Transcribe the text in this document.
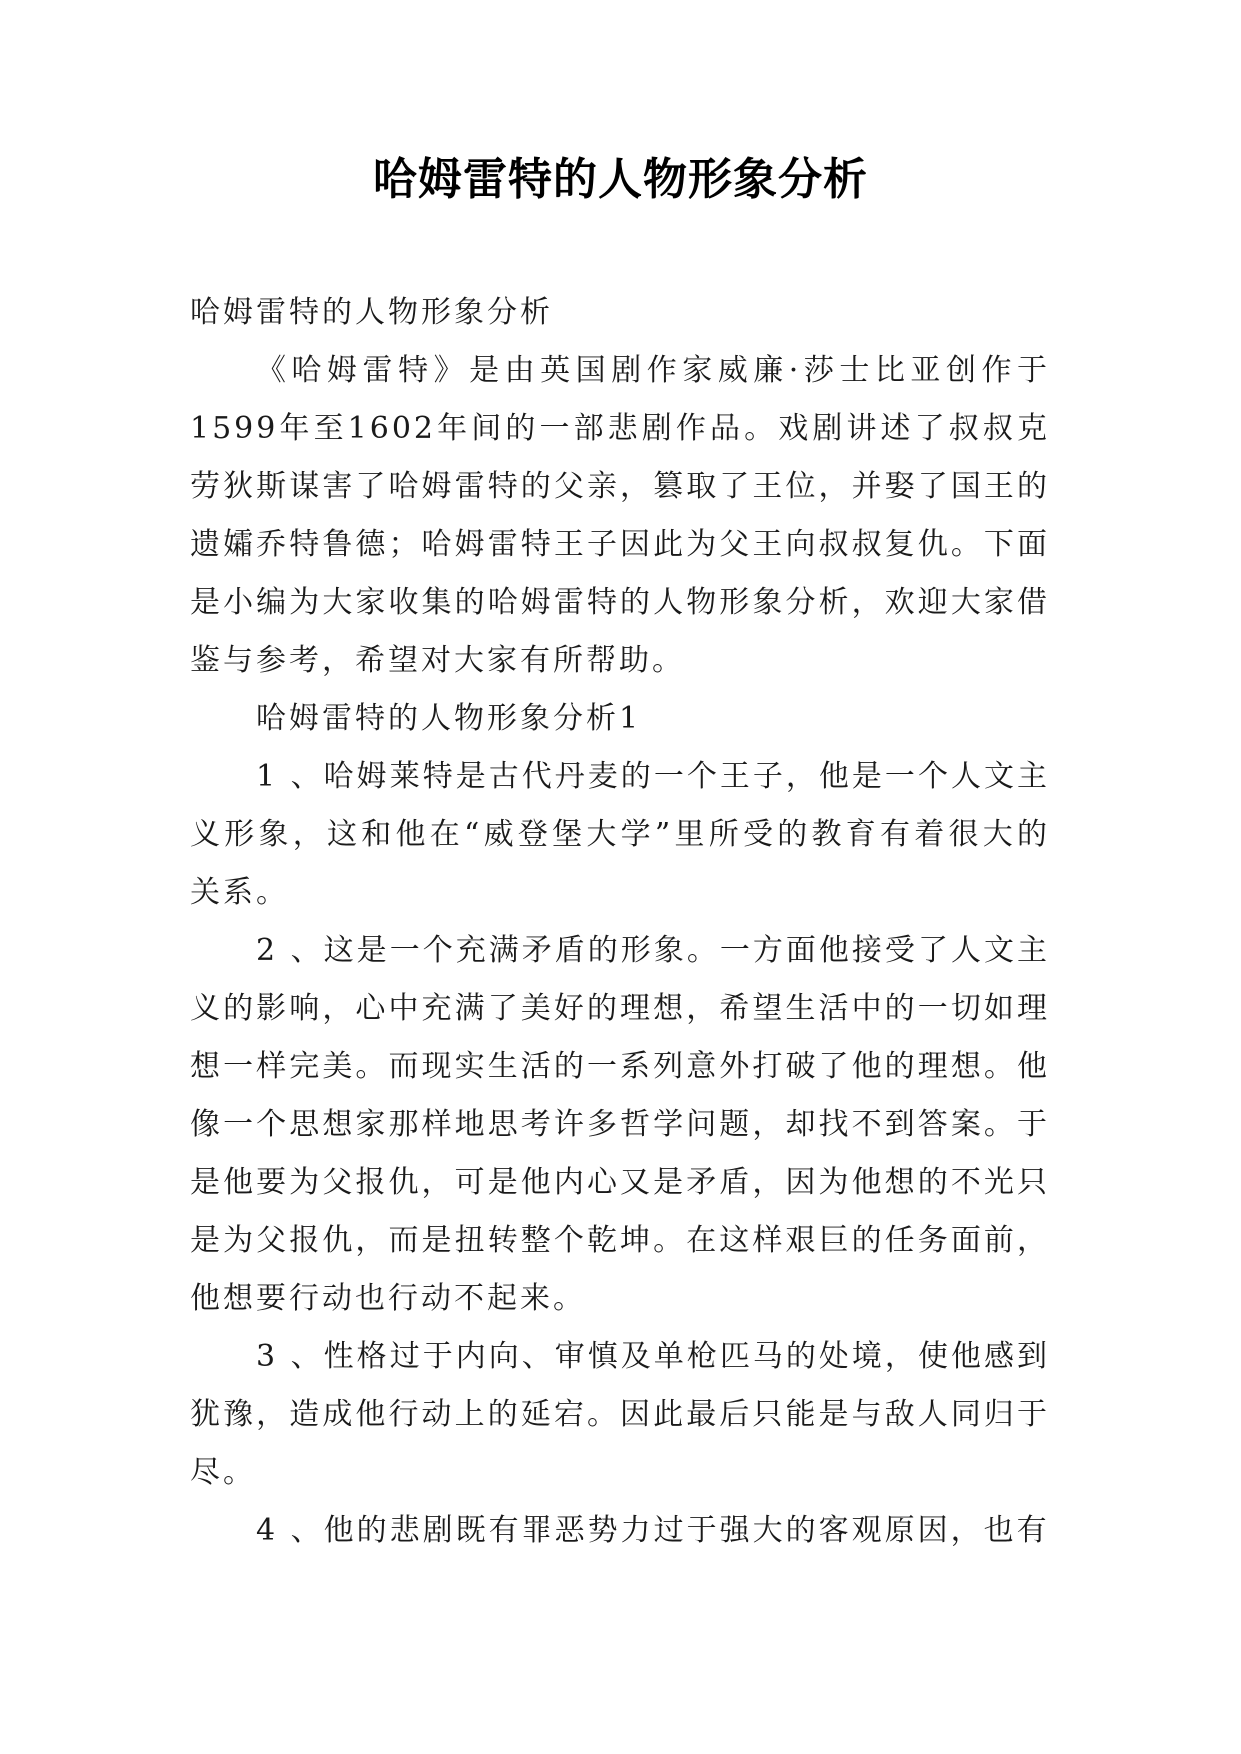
哈姆雷特的人物形象分析

哈姆雷特的人物形象分析

《哈姆雷特》是由英国剧作家威廉·莎士比亚创作于1599年至1602年间的一部悲剧作品。戏剧讲述了叔叔克劳狄斯谋害了哈姆雷特的父亲，篡取了王位，并娶了国王的遗孀乔特鲁德；哈姆雷特王子因此为父王向叔叔复仇。下面是小编为大家收集的哈姆雷特的人物形象分析，欢迎大家借鉴与参考，希望对大家有所帮助。

哈姆雷特的人物形象分析1

1 、哈姆莱特是古代丹麦的一个王子，他是一个人文主义形象，这和他在“威登堡大学”里所受的教育有着很大的关系。

2 、这是一个充满矛盾的形象。一方面他接受了人文主义的影响，心中充满了美好的理想，希望生活中的一切如理想一样完美。而现实生活的一系列意外打破了他的理想。他像一个思想家那样地思考许多哲学问题，却找不到答案。于是他要为父报仇，可是他内心又是矛盾，因为他想的不光只是为父报仇，而是扭转整个乾坤。在这样艰巨的任务面前，他想要行动也行动不起来。

3 、性格过于内向、审慎及单枪匹马的处境，使他感到犹豫，造成他行动上的延宕。因此最后只能是与敌人同归于尽。

4 、他的悲剧既有罪恶势力过于强大的客观原因，也有
